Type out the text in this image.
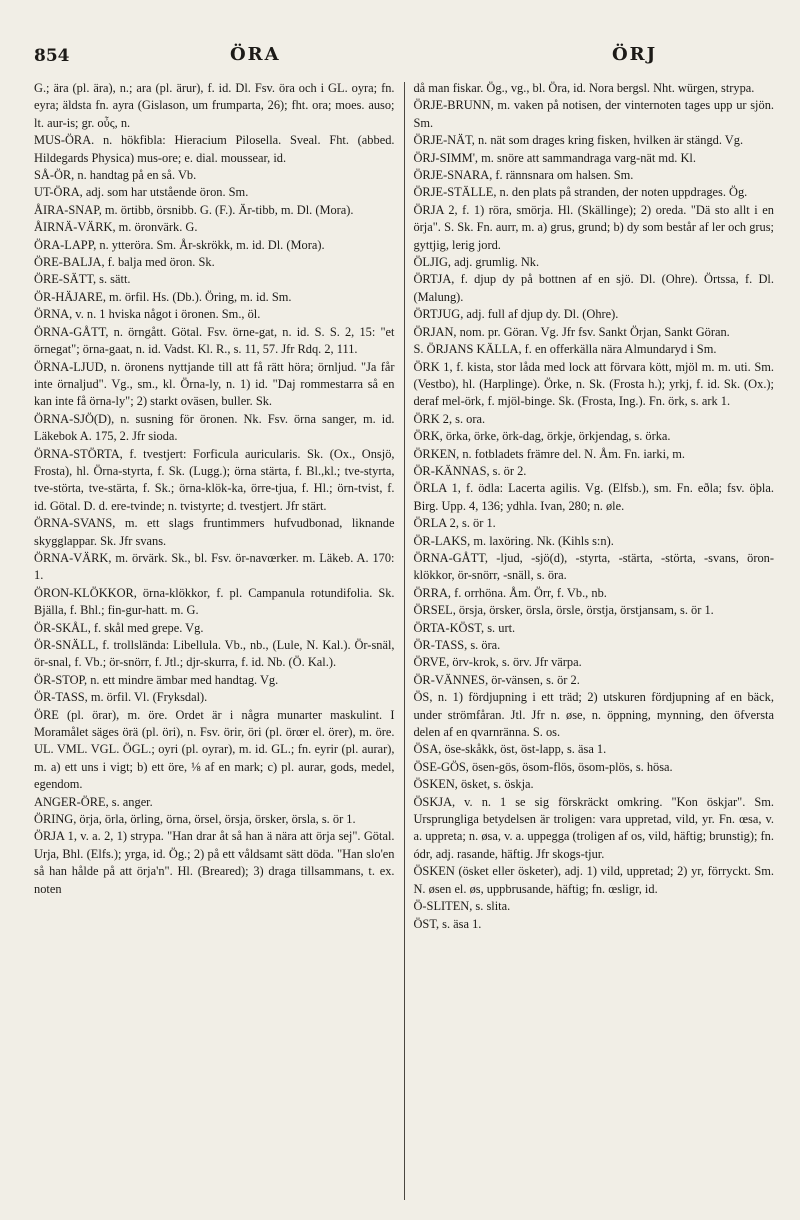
854	ÖRA	ÖRJ

G.; ära (pl. ära), n.; ara (pl. ärur), f. id. Dl. Fsv. öra och i GL. oyra; fn. eyra; äldsta fn. ayra (Gislason, um frumparta, 26); fht. ora; moes. auso; lt. aur-is; gr. οὖς, n.

MUS-ÖRA. n. hökfibla: Hieracium Pilosella. Sveal. Fht. (abbed. Hildegards Physica) mus-ore; e. dial. moussear, id.

SÅ-ÖR, n. handtag på en så. Vb.

UT-ÖRA, adj. som har utstående öron. Sm.

ÅIRA-SNAP, m. örtibb, örsnibb. G. (F.). Är-tibb, m. Dl. (Mora).

ÅIRNÄ-VÄRK, m. öronvärk. G.

ÖRA-LAPP, n. ytteröra. Sm. År-skrökk, m. id. Dl. (Mora).

ÖRE-BALJA, f. balja med öron. Sk.

ÖRE-SÄTT, s. sätt.

ÖR-HÄJARE, m. örfil. Hs. (Db.). Öring, m. id. Sm.

ÖRNA, v. n. 1 hviska något i öronen. Sm., öl.

ÖRNA-GÅTT, n. örngått. Götal. Fsv. örne-gat, n. id. S. S. 2, 15: "et örnegat"; örna-gaat, n. id. Vadst. Kl. R., s. 11, 57. Jfr Rdq. 2, 111.

ÖRNA-LJUD, n. öronens nyttjande till att få rätt höra; örnljud. "Ja får inte örnaljud". Vg., sm., kl. Örna-ly, n. 1) id. "Daj rommestarra så en kan inte få örna-ly"; 2) starkt oväsen, buller. Sk.

ÖRNA-SJÖ(D), n. susning för öronen. Nk. Fsv. örna sanger, m. id. Läkebok A. 175, 2. Jfr sioda.

ÖRNA-STÖRTA, f. tvestjert: Forficula auricularis. Sk. (Ox., Onsjö, Frosta), hl. Örna-styrta, f. Sk. (Lugg.); örna stärta, f. Bl.,kl.; tve-styrta, tve-störta, tve-stärta, f. Sk.; örna-klök-ka, örre-tjua, f. Hl.; örn-tvist, f. id. Götal. D. d. ere-tvinde; n. tvistyrte; d. tvestjert. Jfr stärt.

ÖRNA-SVANS, m. ett slags fruntimmers hufvudbonad, liknande skygglappar. Sk. Jfr svans.

ÖRNA-VÄRK, m. örvärk. Sk., bl. Fsv. ör-navœrker. m. Läkeb. A. 170: 1.

ÖRON-KLÖKKOR, örna-klökkor, f. pl. Campanula rotundifolia. Sk. Bjälla, f. Bhl.; fin-gur-hatt. m. G.

ÖR-SKÅL, f. skål med grepe. Vg.

ÖR-SNÄLL, f. trollslända: Libellula. Vb., nb., (Lule, N. Kal.). Ör-snäl, ör-snal, f. Vb.; ör-snörr, f. Jtl.; djr-skurra, f. id. Nb. (Ö. Kal.).

ÖR-STOP, n. ett mindre ämbar med handtag. Vg.

ÖR-TASS, m. örfil. Vl. (Fryksdal).

ÖRE (pl. örar), m. öre. Ordet är i några munarter maskulint. I Moramålet säges örä (pl. öri), n. Fsv. örir, öri (pl. örœr el. örer), m. öre. UL. VML. VGL. ÖGL.; oyri (pl. oyrar), m. id. GL.; fn. eyrir (pl. aurar), m. a) ett uns i vigt; b) ett öre, ⅛ af en mark; c) pl. aurar, gods, medel, egendom.

ANGER-ÖRE, s. anger.

ÖRING, örja, örla, örling, örna, örsel, örsja, örsker, örsla, s. ör 1.

ÖRJA 1, v. a. 2, 1) strypa. "Han drar åt så han ä nära att örja sej". Götal. Urja, Bhl. (Elfs.); yrga, id. Ög.; 2) på ett våldsamt sätt döda. "Han slo'en så han hålde på att örja'n". Hl. (Breared); 3) draga tillsammans, t. ex. noten

då man fiskar. Ög., vg., bl. Öra, id. Nora bergsl. Nht. würgen, strypa.

ÖRJE-BRUNN, m. vaken på notisen, der vinternoten tages upp ur sjön. Sm.

ÖRJE-NÄT, n. nät som drages kring fisken, hvilken är stängd. Vg.

ÖRJ-SIMM', m. snöre att sammandraga varg-nät md. Kl.

ÖRJE-SNARA, f. rännsnara om halsen. Sm.

ÖRJE-STÄLLE, n. den plats på stranden, der noten uppdrages. Ög.

ÖRJA 2, f. 1) röra, smörja. Hl. (Skällinge); 2) oreda. "Dä sto allt i en örja". S. Sk. Fn. aurr, m. a) grus, grund; b) dy som består af ler och grus; gyttjig, lerig jord.

ÖLJIG, adj. grumlig. Nk.

ÖRTJA, f. djup dy på bottnen af en sjö. Dl. (Ohre). Örtssa, f. Dl. (Malung).

ÖRTJUG, adj. full af djup dy. Dl. (Ohre).

ÖRJAN, nom. pr. Göran. Vg. Jfr fsv. Sankt Örjan, Sankt Göran.

S. ÖRJANS KÄLLA, f. en offerkälla nära Almundaryd i Sm.

ÖRK 1, f. kista, stor låda med lock att förvara kött, mjöl m. m. uti. Sm. (Vestbo), hl. (Harplinge). Örke, n. Sk. (Frosta h.); yrkj, f. id. Sk. (Ox.); deraf mel-örk, f. mjöl-binge. Sk. (Frosta, Ing.). Fn. örk, s. ark 1.

ÖRK 2, s. ora.

ÖRK, örka, örke, örk-dag, örkje, örkjendag, s. örka.

ÖRKEN, n. fotbladets främre del. N. Åm. Fn. iarki, m.

ÖR-KÄNNAS, s. ör 2.

ÖRLA 1, f. ödla: Lacerta agilis. Vg. (Elfsb.), sm. Fn. eðla; fsv. öþla. Birg. Upp. 4, 136; ydhla. Ivan, 280; n. øle.

ÖRLA 2, s. ör 1.

ÖR-LAKS, m. laxöring. Nk. (Kihls s:n).

ÖRNA-GÅTT, -ljud, -sjö(d), -styrta, -stärta, -störta, -svans, öron-klökkor, ör-snörr, -snäll, s. öra.

ÖRRA, f. orrhöna. Åm. Örr, f. Vb., nb.

ÖRSEL, örsja, örsker, örsla, örsle, örstja, örstjansam, s. ör 1.

ÖRTA-KÖST, s. urt.

ÖR-TASS, s. öra.

ÖRVE, örv-krok, s. örv. Jfr värpa.

ÖR-VÄNNES, ör-vänsen, s. ör 2.

ÖS, n. 1) fördjupning i ett träd; 2) utskuren fördjupning af en bäck, under strömfåran. Jtl. Jfr n. øse, n. öppning, mynning, den öfversta delen af en qvarnränna. S. os.

ÖSA, öse-skåkk, öst, öst-lapp, s. äsa 1.

ÖSE-GÖS, ösen-gös, ösom-flös, ösom-plös, s. hösa.

ÖSKEN, ösket, s. öskja.

ÖSKJA, v. n. 1 se sig förskräckt omkring. "Kon öskjar". Sm. Ursprungliga betydelsen är troligen: vara uppretad, vild, yr. Fn. œsa, v. a. uppreta; n. øsa, v. a. uppegga (troligen af os, vild, häftig; brunstig); fn. ódr, adj. rasande, häftig. Jfr skogs-tjur.

ÖSKEN (ösket eller ösketer), adj. 1) vild, uppretad; 2) yr, förryckt. Sm. N. øsen el. øs, uppbrusande, häftig; fn. œsligr, id.

Ö-SLITEN, s. slita.

ÖST, s. äsa 1.
